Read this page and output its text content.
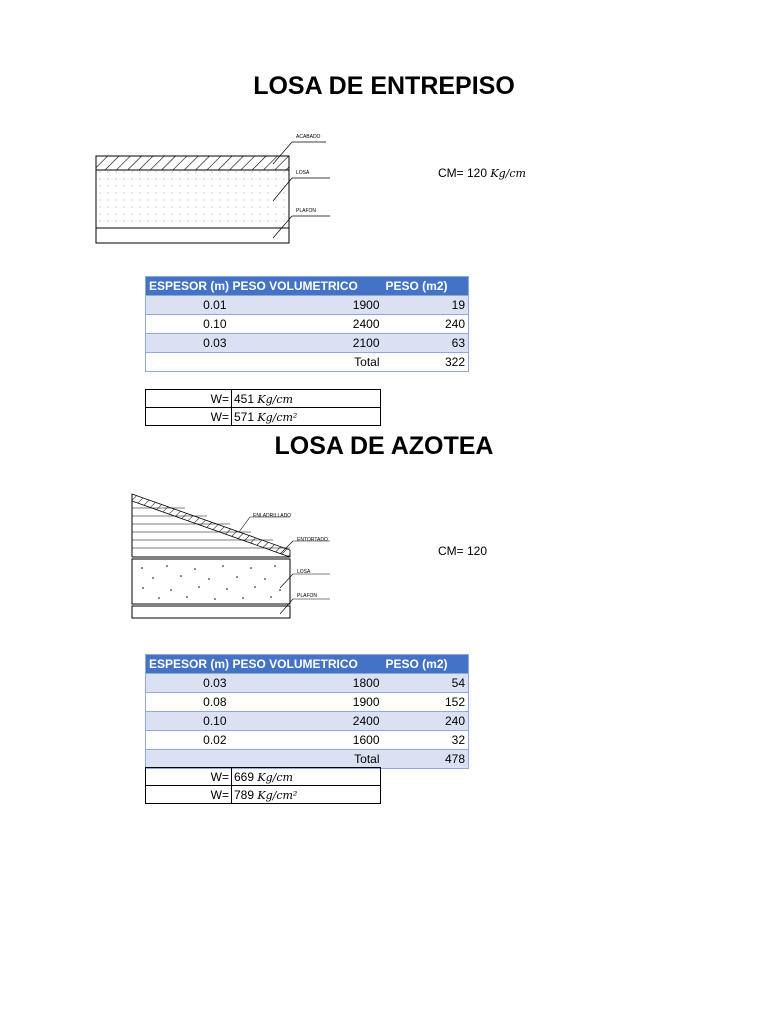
LOSA DE ENTREPISO
ACABADO
LOSA
PLAFON
CM= 120 Kg/cm
ESPESOR (m)	PESO VOLUMETRICO	PESO (m2)
0.01	1900	19
0.10	2400	240
0.03	2100	63
	Total	322
W=	451 Kg/cm
W=	571 Kg/cm²
LOSA DE AZOTEA
ENLADRILLADO
ENTORTADO
LOSA
PLAFON
CM= 120
ESPESOR (m)	PESO VOLUMETRICO	PESO (m2)
0.03	1800	54
0.08	1900	152
0.10	2400	240
0.02	1600	32
	Total	478
W=	669 Kg/cm
W=	789 Kg/cm²
